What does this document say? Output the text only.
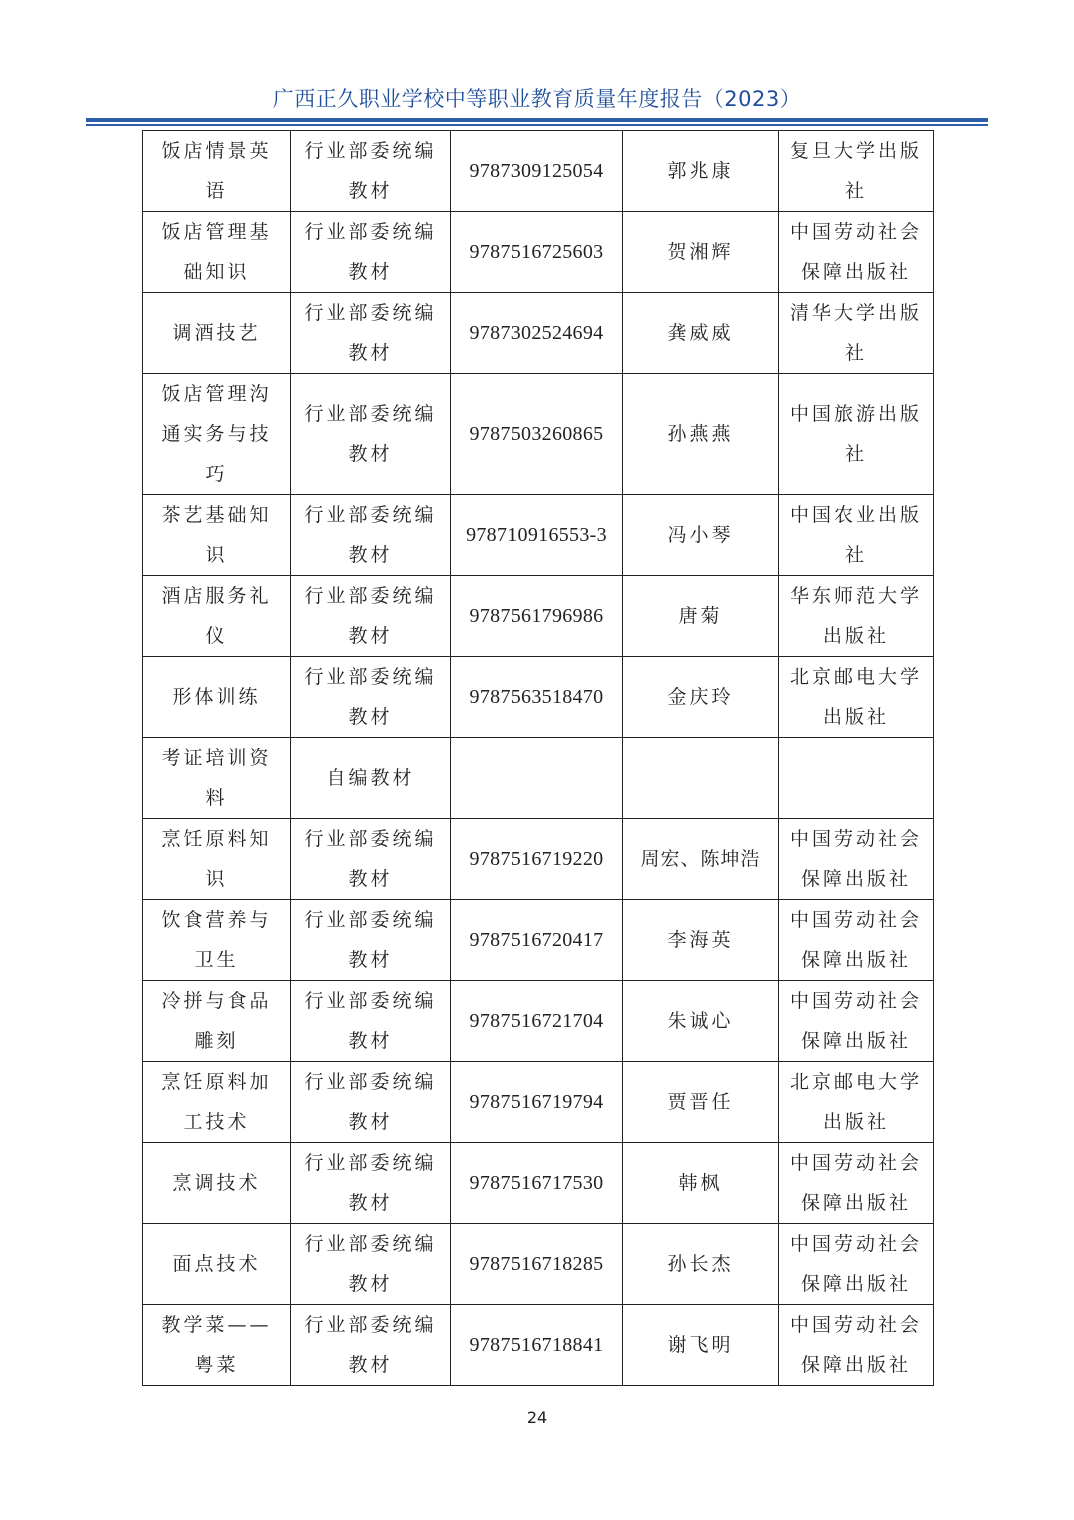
广西正久职业学校中等职业教育质量年度报告（2023）
饭店情景英语	行业部委统编教材	9787309125054	郭兆康	复旦大学出版社
饭店管理基础知识	行业部委统编教材	9787516725603	贺湘辉	中国劳动社会保障出版社
调酒技艺	行业部委统编教材	9787302524694	龚威威	清华大学出版社
饭店管理沟通实务与技巧	行业部委统编教材	9787503260865	孙燕燕	中国旅游出版社
茶艺基础知识	行业部委统编教材	978710916553-3	冯小琴	中国农业出版社
酒店服务礼仪	行业部委统编教材	9787561796986	唐菊	华东师范大学出版社
形体训练	行业部委统编教材	9787563518470	金庆玲	北京邮电大学出版社
考证培训资料	自编教材			
烹饪原料知识	行业部委统编教材	9787516719220	周宏、陈坤浩	中国劳动社会保障出版社
饮食营养与卫生	行业部委统编教材	9787516720417	李海英	中国劳动社会保障出版社
冷拼与食品雕刻	行业部委统编教材	9787516721704	朱诚心	中国劳动社会保障出版社
烹饪原料加工技术	行业部委统编教材	9787516719794	贾晋任	北京邮电大学出版社
烹调技术	行业部委统编教材	9787516717530	韩枫	中国劳动社会保障出版社
面点技术	行业部委统编教材	9787516718285	孙长杰	中国劳动社会保障出版社
教学菜——粤菜	行业部委统编教材	9787516718841	谢飞明	中国劳动社会保障出版社
24
